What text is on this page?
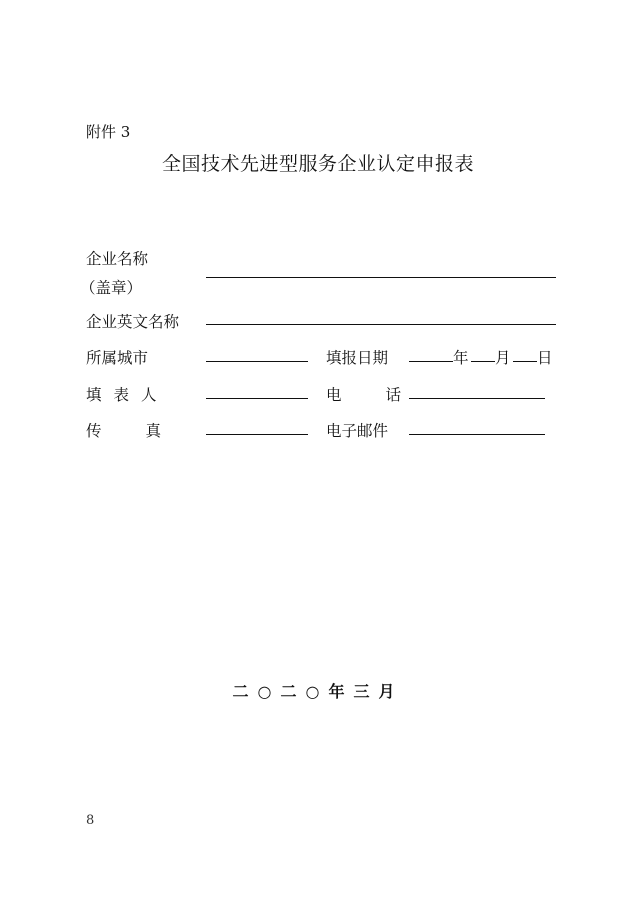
附件 3
全国技术先进型服务企业认定申报表
企业名称
（盖章）
企业英文名称
所属城市	填报日期	年 月 日
填表人	电话
传真	电子邮件
二○二○年三月
8
